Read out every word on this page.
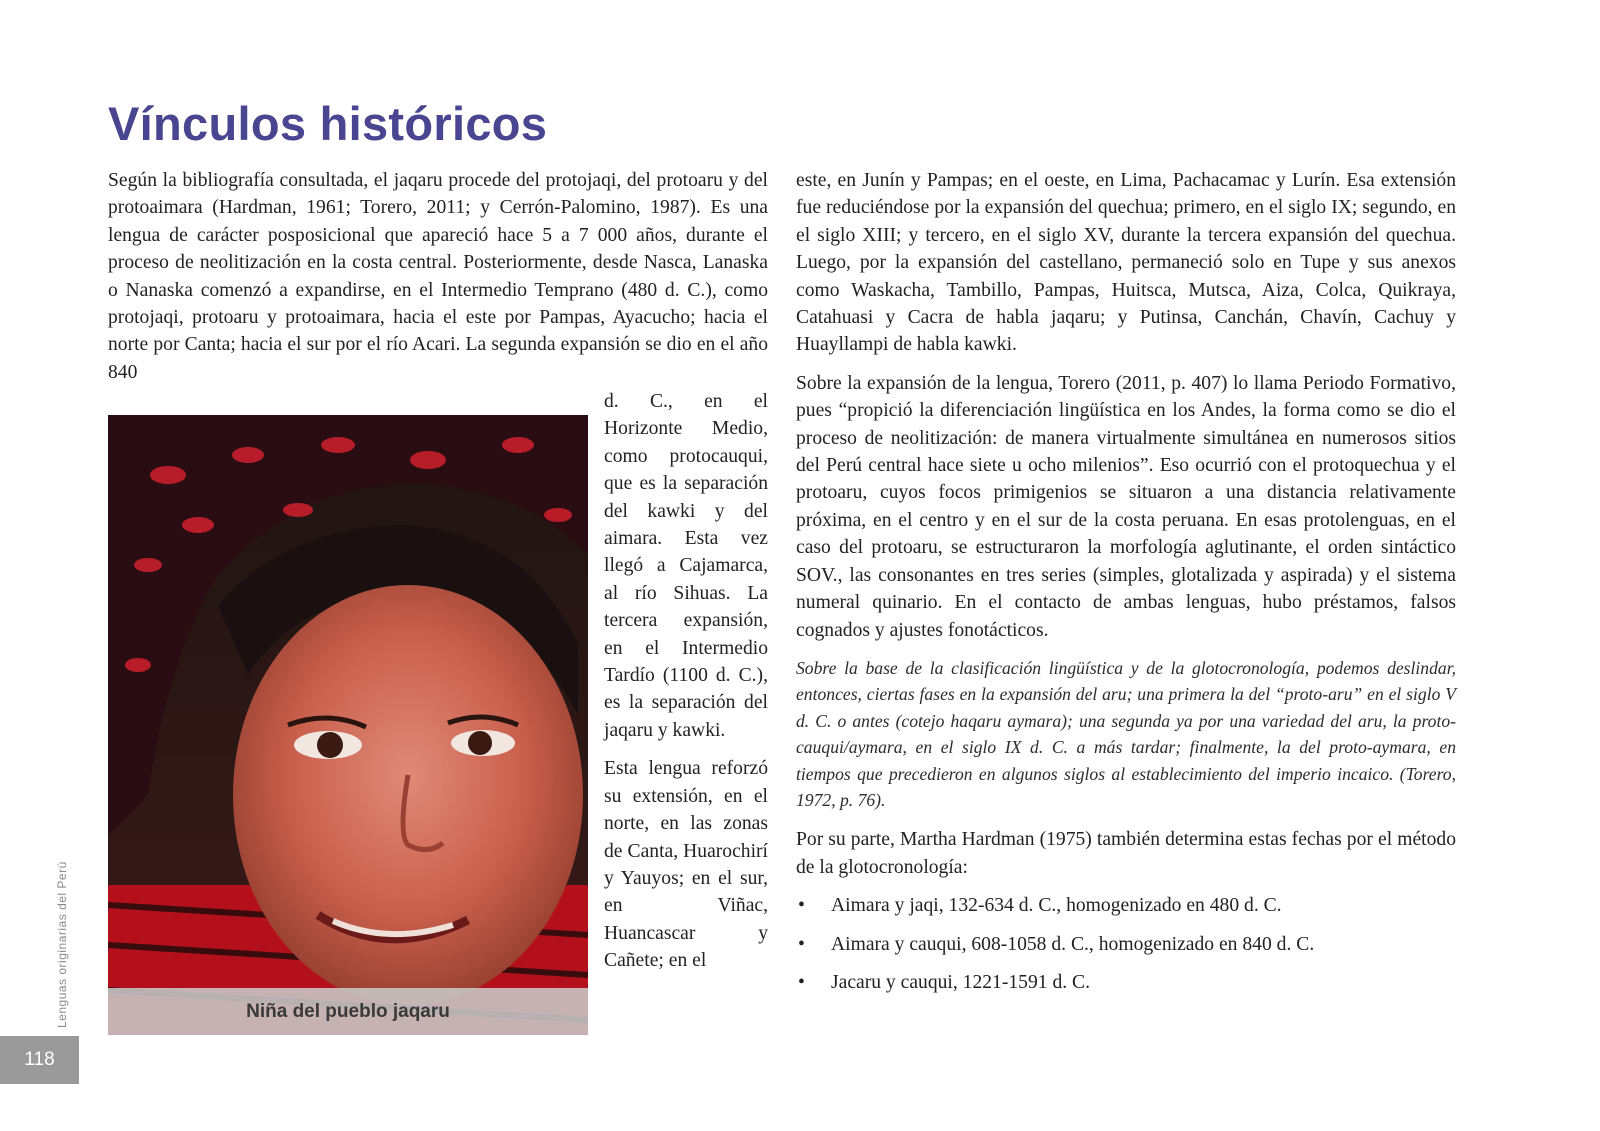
Vínculos históricos

Según la bibliografía consultada, el jaqaru procede del protojaqi, del protoaru y del protoaimara (Hardman, 1961; Torero, 2011; y Cerrón-Palomino, 1987). Es una lengua de carácter posposicional que apareció hace 5 a 7 000 años, durante el proceso de neolitización en la costa central. Posteriormente, desde Nasca, Lanaska o Nanaska comenzó a expandirse, en el Intermedio Temprano (480 d. C.), como protojaqi, protoaru y protoaimara, hacia el este por Pampas, Ayacucho; hacia el norte por Canta; hacia el sur por el río Acari. La segunda expansión se dio en el año 840

Niña del pueblo jaqaru

d. C., en el Horizonte Medio, como protocauqui, que es la separación del kawki y del aimara. Esta vez llegó a Cajamarca, al río Sihuas. La tercera expansión, en el Intermedio Tardío (1100 d. C.), es la separación del jaqaru y kawki.

Esta lengua reforzó su extensión, en el norte, en las zonas de Canta, Huarochirí y Yauyos; en el sur, en Viñac, Huancascar y Cañete; en el

este, en Junín y Pampas; en el oeste, en Lima, Pachacamac y Lurín. Esa extensión fue reduciéndose por la expansión del quechua; primero, en el siglo IX; segundo, en el siglo XIII; y tercero, en el siglo XV, durante la tercera expansión del quechua. Luego, por la expansión del castellano, permaneció solo en Tupe y sus anexos como Waskacha, Tambillo, Pampas, Huitsca, Mutsca, Aiza, Colca, Quikraya, Catahuasi y Cacra de habla jaqaru; y Putinsa, Canchán, Chavín, Cachuy y Huayllampi de habla kawki.

Sobre la expansión de la lengua, Torero (2011, p. 407) lo llama Periodo Formativo, pues “propició la diferenciación lingüística en los Andes, la forma como se dio el proceso de neolitización: de manera virtualmente simultánea en numerosos sitios del Perú central hace siete u ocho milenios”. Eso ocurrió con el protoquechua y el protoaru, cuyos focos primigenios se situaron a una distancia relativamente próxima, en el centro y en el sur de la costa peruana. En esas protolenguas, en el caso del protoaru, se estructuraron la morfología aglutinante, el orden sintáctico SOV., las consonantes en tres series (simples, glotalizada y aspirada) y el sistema numeral quinario. En el contacto de ambas lenguas, hubo préstamos, falsos cognados y ajustes fonotácticos.

Sobre la base de la clasificación lingüística y de la glotocronología, podemos deslindar, entonces, ciertas fases en la expansión del aru; una primera la del “proto-aru” en el siglo V d. C. o antes (cotejo haqaru aymara); una segunda ya por una variedad del aru, la proto-cauqui/aymara, en el siglo IX d. C. a más tardar; finalmente, la del proto-aymara, en tiempos que precedieron en algunos siglos al establecimiento del imperio incaico. (Torero, 1972, p. 76).

Por su parte, Martha Hardman (1975) también determina estas fechas por el método de la glotocronología:

• Aimara y jaqi, 132-634 d. C., homogenizado en 480 d. C.
• Aimara y cauqui, 608-1058 d. C., homogenizado en 840 d. C.
• Jacaru y cauqui, 1221-1591 d. C.
Lenguas originarias del Perú
118
